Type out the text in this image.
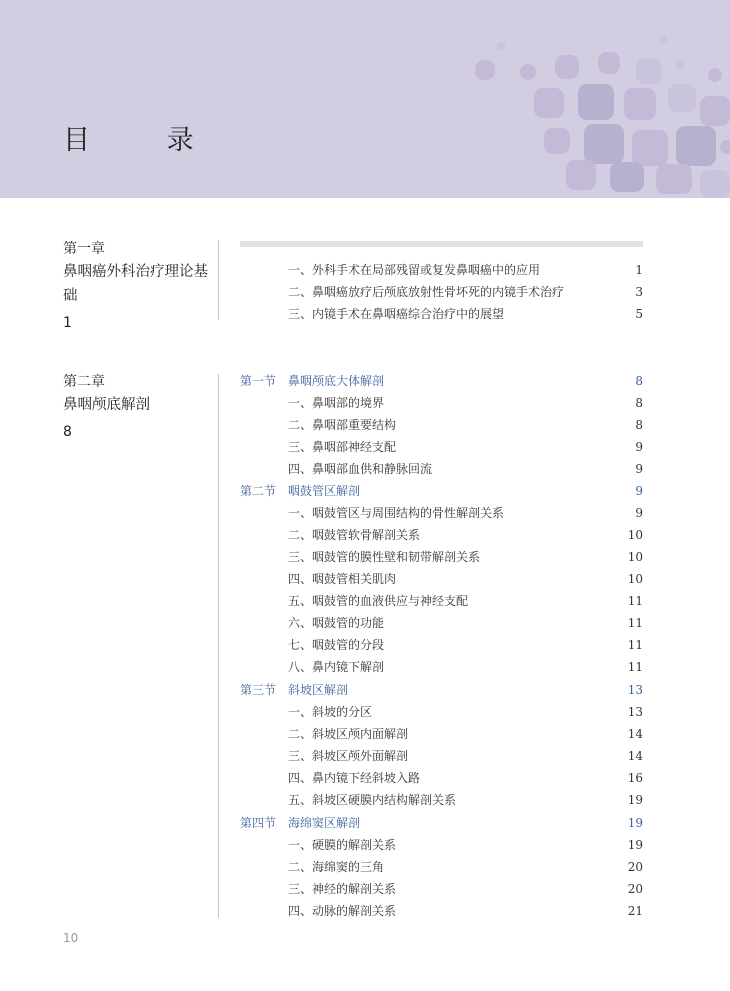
目 录
第一章
鼻咽癌外科治疗理论基础
1
一、外科手术在局部残留或复发鼻咽癌中的应用	1
二、鼻咽癌放疗后颅底放射性骨坏死的内镜手术治疗	3
三、内镜手术在鼻咽癌综合治疗中的展望	5
第二章
鼻咽颅底解剖
8
第一节 鼻咽颅底大体解剖	8
一、鼻咽部的境界	8
二、鼻咽部重要结构	8
三、鼻咽部神经支配	9
四、鼻咽部血供和静脉回流	9
第二节 咽鼓管区解剖	9
一、咽鼓管区与周围结构的骨性解剖关系	9
二、咽鼓管软骨解剖关系	10
三、咽鼓管的膜性壁和韧带解剖关系	10
四、咽鼓管相关肌肉	10
五、咽鼓管的血液供应与神经支配	11
六、咽鼓管的功能	11
七、咽鼓管的分段	11
八、鼻内镜下解剖	11
第三节 斜坡区解剖	13
一、斜坡的分区	13
二、斜坡区颅内面解剖	14
三、斜坡区颅外面解剖	14
四、鼻内镜下经斜坡入路	16
五、斜坡区硬膜内结构解剖关系	19
第四节 海绵窦区解剖	19
一、硬膜的解剖关系	19
二、海绵窦的三角	20
三、神经的解剖关系	20
四、动脉的解剖关系	21
10
